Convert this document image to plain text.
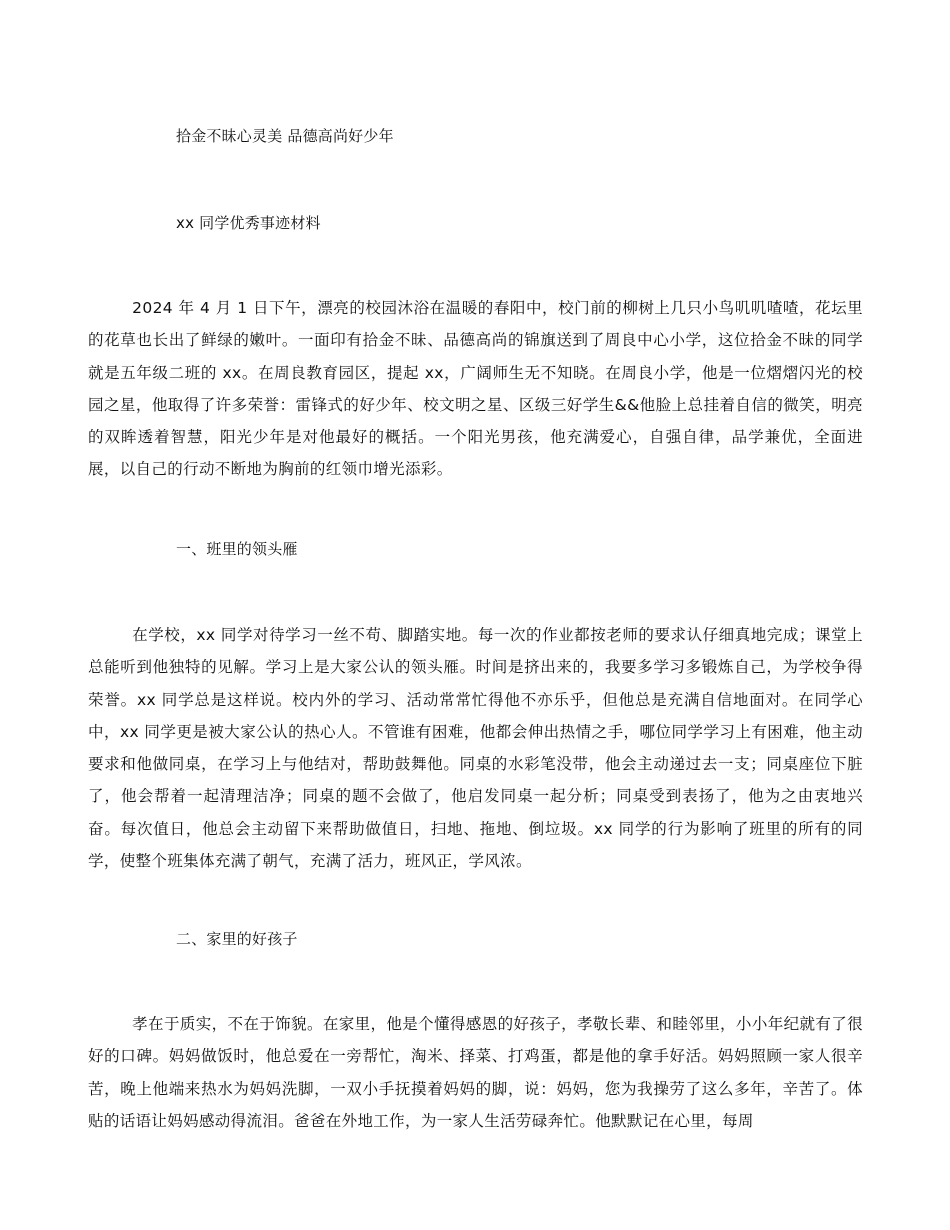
拾金不昧心灵美 品德高尚好少年
xx 同学优秀事迹材料

2024 年 4 月 1 日下午，漂亮的校园沐浴在温暖的春阳中，校门前的柳树上几只小鸟叽叽喳喳，花坛里的花草也长出了鲜绿的嫩叶。一面印有拾金不昧、品德高尚的锦旗送到了周良中心小学，这位拾金不昧的同学就是五年级二班的 xx。在周良教育园区，提起 xx，广阔师生无不知晓。在周良小学，他是一位熠熠闪光的校园之星，他取得了许多荣誉：雷锋式的好少年、校文明之星、区级三好学生&&他脸上总挂着自信的微笑，明亮的双眸透着智慧，阳光少年是对他最好的概括。一个阳光男孩，他充满爱心，自强自律，品学兼优，全面进展，以自己的行动不断地为胸前的红领巾增光添彩。

一、班里的领头雁

在学校，xx 同学对待学习一丝不苟、脚踏实地。每一次的作业都按老师的要求认仔细真地完成；课堂上总能听到他独特的见解。学习上是大家公认的领头雁。时间是挤出来的，我要多学习多锻炼自己，为学校争得荣誉。xx 同学总是这样说。校内外的学习、活动常常忙得他不亦乐乎，但他总是充满自信地面对。在同学心中，xx 同学更是被大家公认的热心人。不管谁有困难，他都会伸出热情之手，哪位同学学习上有困难，他主动要求和他做同桌，在学习上与他结对，帮助鼓舞他。同桌的水彩笔没带，他会主动递过去一支；同桌座位下脏了，他会帮着一起清理洁净；同桌的题不会做了，他启发同桌一起分析；同桌受到表扬了，他为之由衷地兴奋。每次值日，他总会主动留下来帮助做值日，扫地、拖地、倒垃圾。xx 同学的行为影响了班里的所有的同学，使整个班集体充满了朝气，充满了活力，班风正，学风浓。

二、家里的好孩子

孝在于质实，不在于饰貌。在家里，他是个懂得感恩的好孩子，孝敬长辈、和睦邻里，小小年纪就有了很好的口碑。妈妈做饭时，他总爱在一旁帮忙，淘米、择菜、打鸡蛋，都是他的拿手好活。妈妈照顾一家人很辛苦，晚上他端来热水为妈妈洗脚，一双小手抚摸着妈妈的脚，说：妈妈，您为我操劳了这么多年，辛苦了。体贴的话语让妈妈感动得流泪。爸爸在外地工作，为一家人生活劳碌奔忙。他默默记在心里，每周
